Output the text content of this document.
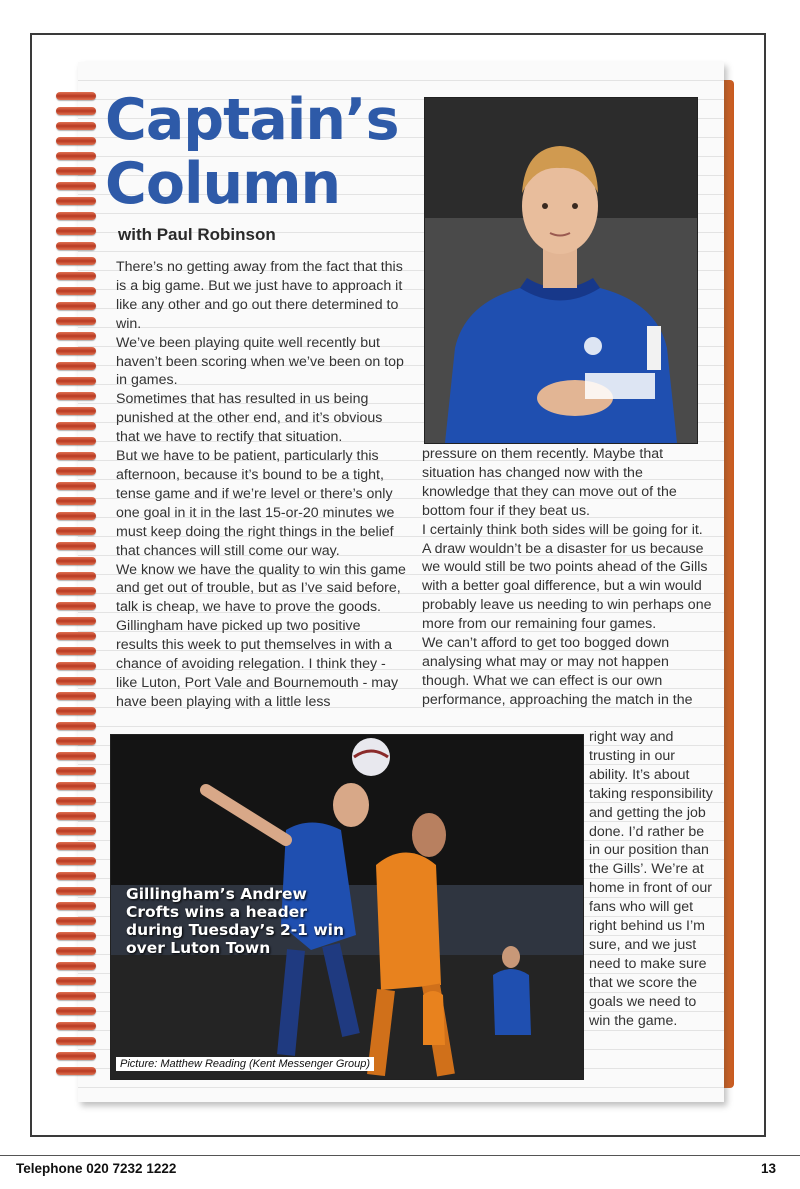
Captain’s
Column
with Paul Robinson

There’s no getting away from the fact that this is a big game. But we just have to approach it like any other and go out there determined to win.

We’ve been playing quite well recently but haven’t been scoring when we’ve been on top in games.

Sometimes that has resulted in us being punished at the other end, and it’s obvious that we have to rectify that situation.

But we have to be patient, particularly this afternoon, because it’s bound to be a tight, tense game and if we’re level or there’s only one goal in it in the last 15-or-20 minutes we must keep doing the right things in the belief that chances will still come our way.

We know we have the quality to win this game and get out of trouble, but as I’ve said before, talk is cheap, we have to prove the goods.

Gillingham have picked up two positive results this week to put themselves in with a chance of avoiding relegation. I think they - like Luton, Port Vale and Bournemouth - may have been playing with a little less

pressure on them recently. Maybe that situation has changed now with the knowledge that they can move out of the bottom four if they beat us.

I certainly think both sides will be going for it. A draw wouldn’t be a disaster for us because we would still be two points ahead of the Gills with a better goal difference, but a win would probably leave us needing to win perhaps one more from our remaining four games.

We can’t afford to get too bogged down analysing what may or may not happen though. What we can effect is our own performance, approaching the match in the

Gillingham’s Andrew Crofts wins a header during Tuesday’s 2-1 win over Luton Town

Picture: Matthew Reading (Kent Messenger Group)

right way and trusting in our ability. It’s about taking responsibility and getting the job done. I’d rather be in our position than the Gills’. We’re at home in front of our fans who will get right behind us I’m sure, and we just need to make sure that we score the goals we need to win the game.

Telephone 020 7232 1222	13
